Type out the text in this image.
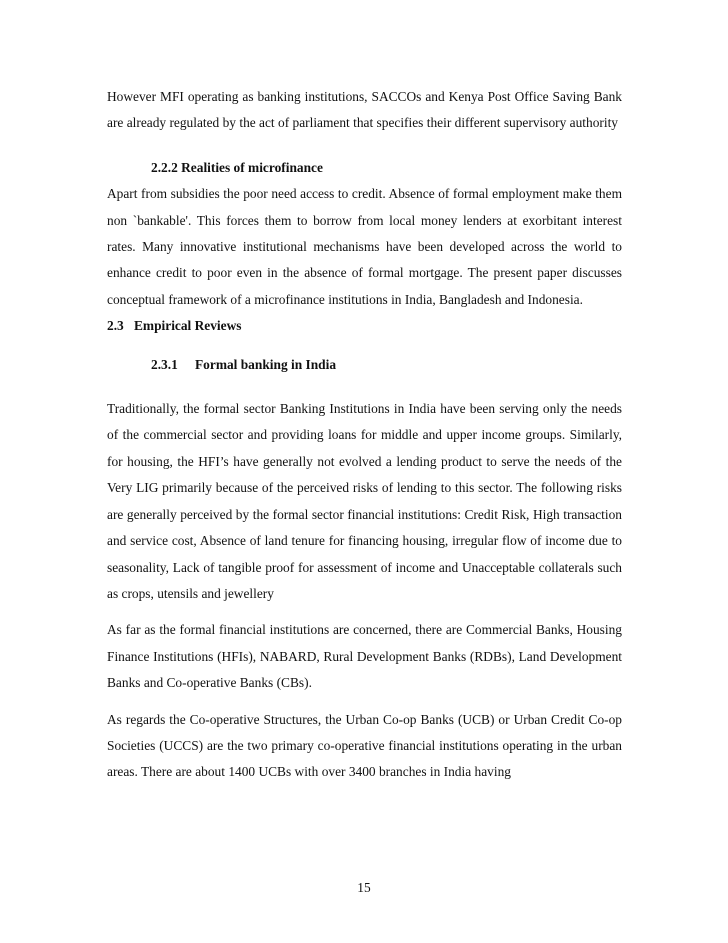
However MFI operating as banking institutions, SACCOs and Kenya Post Office Saving Bank are already regulated by the act of parliament that specifies their different supervisory authority

2.2.2 Realities of microfinance

Apart from subsidies the poor need access to credit. Absence of formal employment make them non `bankable'. This forces them to borrow from local money lenders at exorbitant interest rates. Many innovative institutional mechanisms have been developed across the world to enhance credit to poor even in the absence of formal mortgage. The present paper discusses conceptual framework of a microfinance institutions in India, Bangladesh and Indonesia.

2.3 Empirical Reviews
2.3.1 Formal banking in India

Traditionally, the formal sector Banking Institutions in India have been serving only the needs of the commercial sector and providing loans for middle and upper income groups. Similarly, for housing, the HFI’s have generally not evolved a lending product to serve the needs of the Very LIG primarily because of the perceived risks of lending to this sector. The following risks are generally perceived by the formal sector financial institutions: Credit Risk, High transaction and service cost, Absence of land tenure for financing housing, irregular flow of income due to seasonality, Lack of tangible proof for assessment of income and Unacceptable collaterals such as crops, utensils and jewellery

As far as the formal financial institutions are concerned, there are Commercial Banks, Housing Finance Institutions (HFIs), NABARD, Rural Development Banks (RDBs), Land Development Banks and Co-operative Banks (CBs).

As regards the Co-operative Structures, the Urban Co-op Banks (UCB) or Urban Credit Co-op Societies (UCCS) are the two primary co-operative financial institutions operating in the urban areas. There are about 1400 UCBs with over 3400 branches in India having

15
